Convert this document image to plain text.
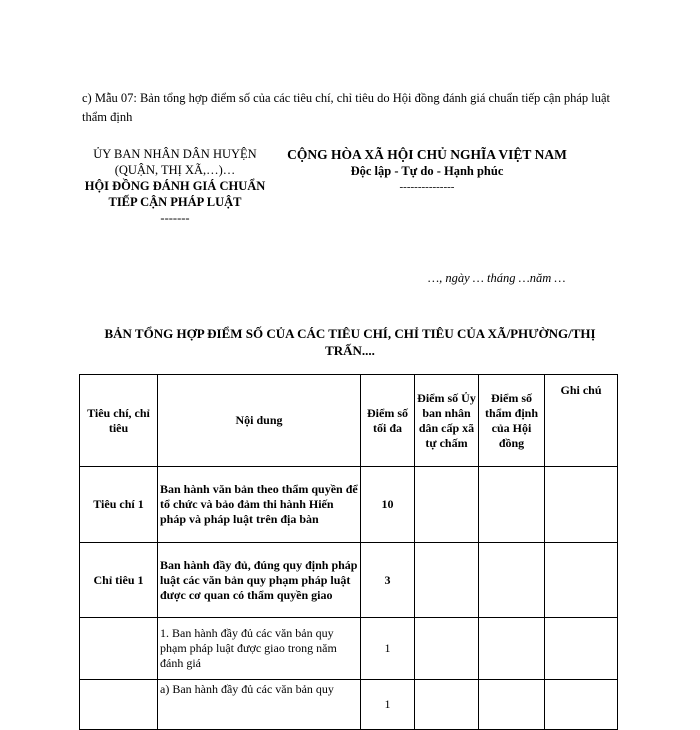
c) Mẫu 07: Bản tổng hợp điểm số của các tiêu chí, chỉ tiêu do Hội đồng đánh giá chuẩn tiếp cận pháp luật thẩm định
ỦY BAN NHÂN DÂN HUYỆN
(QUẬN, THỊ XÃ,…)…
HỘI ĐỒNG ĐÁNH GIÁ CHUẨN TIẾP CẬN PHÁP LUẬT
-------
CỘNG HÒA XÃ HỘI CHỦ NGHĨA VIỆT NAM
Độc lập - Tự do - Hạnh phúc
---------------
…, ngày … tháng …năm …
BẢN TỔNG HỢP ĐIỂM SỐ CỦA CÁC TIÊU CHÍ, CHỈ TIÊU CỦA XÃ/PHƯỜNG/THỊ TRẤN....
Tiêu chí, chỉ tiêu	Nội dung	Điểm số tối đa	Điểm số Ủy ban nhân dân cấp xã tự chấm	Điểm số thẩm định của Hội đồng	Ghi chú
Tiêu chí 1	Ban hành văn bản theo thẩm quyền để tổ chức và bảo đảm thi hành Hiến pháp và pháp luật trên địa bàn	10			
Chỉ tiêu 1	Ban hành đầy đủ, đúng quy định pháp luật các văn bản quy phạm pháp luật được cơ quan có thẩm quyền giao	3			
	1. Ban hành đầy đủ các văn bản quy phạm pháp luật được giao trong năm đánh giá	1			
	a) Ban hành đầy đủ các văn bản quy	1			
